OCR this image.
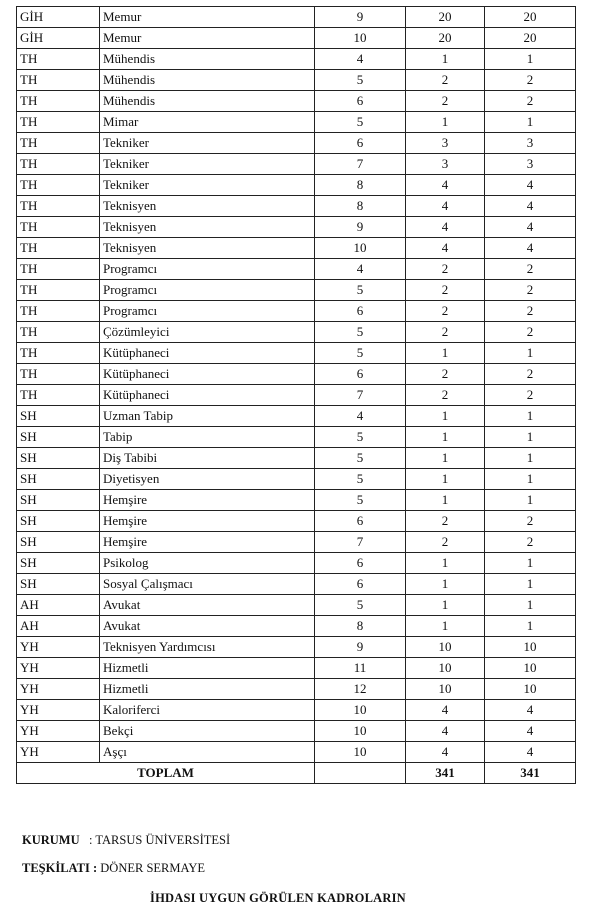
GİH	Memur	9	20	20
GİH	Memur	10	20	20
TH	Mühendis	4	1	1
TH	Mühendis	5	2	2
TH	Mühendis	6	2	2
TH	Mimar	5	1	1
TH	Tekniker	6	3	3
TH	Tekniker	7	3	3
TH	Tekniker	8	4	4
TH	Teknisyen	8	4	4
TH	Teknisyen	9	4	4
TH	Teknisyen	10	4	4
TH	Programcı	4	2	2
TH	Programcı	5	2	2
TH	Programcı	6	2	2
TH	Çözümleyici	5	2	2
TH	Kütüphaneci	5	1	1
TH	Kütüphaneci	6	2	2
TH	Kütüphaneci	7	2	2
SH	Uzman Tabip	4	1	1
SH	Tabip	5	1	1
SH	Diş Tabibi	5	1	1
SH	Diyetisyen	5	1	1
SH	Hemşire	5	1	1
SH	Hemşire	6	2	2
SH	Hemşire	7	2	2
SH	Psikolog	6	1	1
SH	Sosyal Çalışmacı	6	1	1
AH	Avukat	5	1	1
AH	Avukat	8	1	1
YH	Teknisyen Yardımcısı	9	10	10
YH	Hizmetli	11	10	10
YH	Hizmetli	12	10	10
YH	Kaloriferci	10	4	4
YH	Bekçi	10	4	4
YH	Aşçı	10	4	4
TOPLAM			341	341
KURUMU : TARSUS ÜNİVERSİTESİ
TEŞKİLATI : DÖNER SERMAYE
İHDASI UYGUN GÖRÜLEN KADROLARIN
